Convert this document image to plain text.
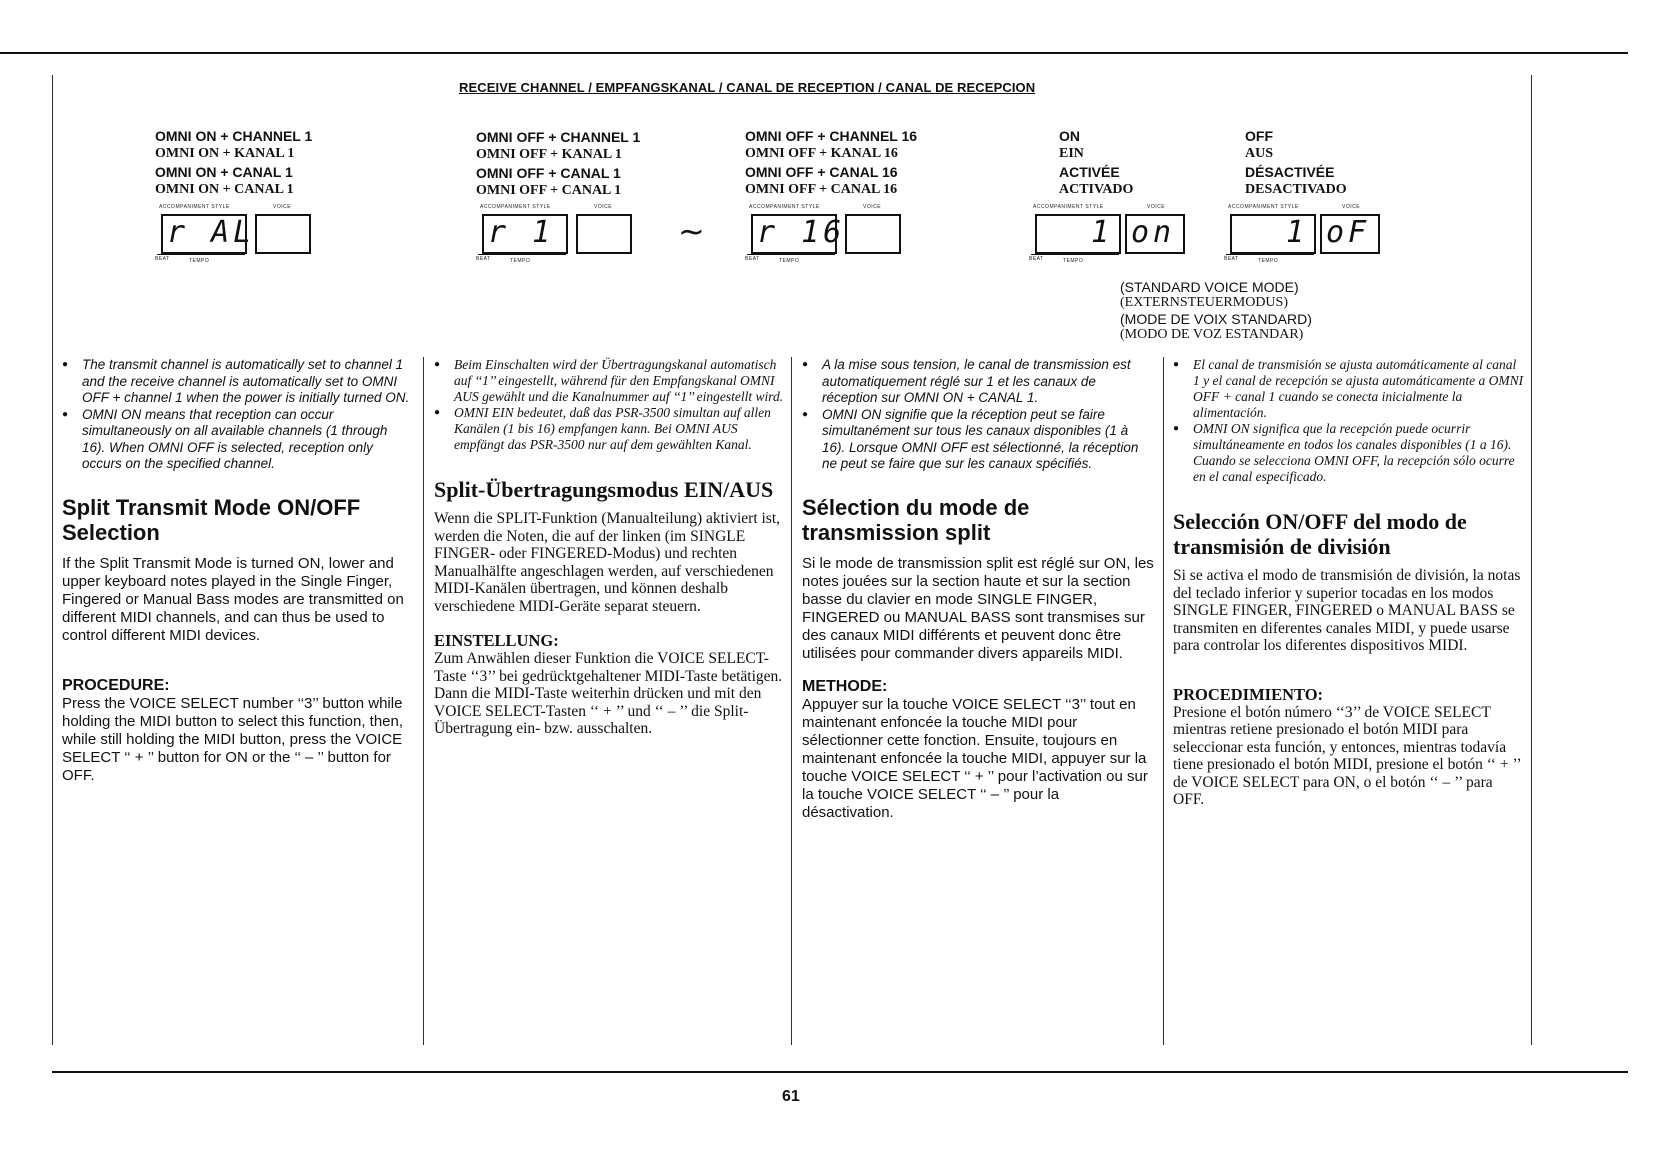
RECEIVE CHANNEL / EMPFANGSKANAL / CANAL DE RECEPTION / CANAL DE RECEPCION
OMNI ON + CHANNEL 1
OMNI ON + KANAL 1
OMNI ON + CANAL 1
OMNI ON + CANAL 1
OMNI OFF + CHANNEL 1
OMNI OFF + KANAL 1
OMNI OFF + CANAL 1
OMNI OFF + CANAL 1
OMNI OFF + CHANNEL 16
OMNI OFF + KANAL 16
OMNI OFF + CANAL 16
OMNI OFF + CANAL 16
ON
EIN
ACTIVÉE
ACTIVADO
OFF
AUS
DÉSACTIVÉE
DESACTIVADO
ACCOMPANIMENT STYLE	VOICE
r AL
BEAT	TEMPO
ACCOMPANIMENT STYLE	VOICE
r 1
BEAT	TEMPO
~
ACCOMPANIMENT STYLE	VOICE
r 16
BEAT	TEMPO
ACCOMPANIMENT STYLE	VOICE
1 on
BEAT	TEMPO
ACCOMPANIMENT STYLE	VOICE
1 oF
BEAT	TEMPO
(STANDARD VOICE MODE)
(EXTERNSTEUERMODUS)
(MODE DE VOIX STANDARD)
(MODO DE VOZ ESTANDAR)
● The transmit channel is automatically set to channel 1 and the receive channel is automatically set to OMNI OFF + channel 1 when the power is initially turned ON.
● OMNI ON means that reception can occur simultaneously on all available channels (1 through 16). When OMNI OFF is selected, reception only occurs on the specified channel.
Split Transmit Mode ON/OFF Selection

If the Split Transmit Mode is turned ON, lower and upper keyboard notes played in the Single Finger, Fingered or Manual Bass modes are transmitted on different MIDI channels, and can thus be used to control different MIDI devices.

PROCEDURE:

Press the VOICE SELECT number ‘‘3’’ button while holding the MIDI button to select this function, then, while still holding the MIDI button, press the VOICE SELECT ‘‘ + ’’ button for ON or the ‘‘ – ’’ button for OFF.

● Beim Einschalten wird der Übertragungskanal automatisch auf ‘‘1’’ eingestellt, während für den Empfangskanal OMNI AUS gewählt und die Kanalnummer auf ‘‘1’’ eingestellt wird.
● OMNI EIN bedeutet, daß das PSR-3500 simultan auf allen Kanälen (1 bis 16) empfangen kann. Bei OMNI AUS empfängt das PSR-3500 nur auf dem gewählten Kanal.
Split-Übertragungsmodus EIN/AUS

Wenn die SPLIT-Funktion (Manualteilung) aktiviert ist, werden die Noten, die auf der linken (im SINGLE FINGER- oder FINGERED-Modus) und rechten Manualhälfte angeschlagen werden, auf verschiedenen MIDI-Kanälen übertragen, und können deshalb verschiedene MIDI-Geräte separat steuern.

EINSTELLUNG:

Zum Anwählen dieser Funktion die VOICE SELECT-Taste ‘‘3’’ bei gedrücktgehaltener MIDI-Taste betätigen. Dann die MIDI-Taste weiterhin drücken und mit den VOICE SELECT-Tasten ‘‘ + ’’ und ‘‘ – ’’ die Split-Übertragung ein- bzw. ausschalten.

● A la mise sous tension, le canal de transmission est automatiquement réglé sur 1 et les canaux de réception sur OMNI ON + CANAL 1.
● OMNI ON signifie que la réception peut se faire simultanément sur tous les canaux disponibles (1 à 16). Lorsque OMNI OFF est sélectionné, la réception ne peut se faire que sur les canaux spécifiés.
Sélection du mode de transmission split

Si le mode de transmission split est réglé sur ON, les notes jouées sur la section haute et sur la section basse du clavier en mode SINGLE FINGER, FINGERED ou MANUAL BASS sont transmises sur des canaux MIDI différents et peuvent donc être utilisées pour commander divers appareils MIDI.

METHODE:

Appuyer sur la touche VOICE SELECT ‘‘3’’ tout en maintenant enfoncée la touche MIDI pour sélectionner cette fonction. Ensuite, toujours en maintenant enfoncée la touche MIDI, appuyer sur la touche VOICE SELECT ‘‘ + ’’ pour l’activation ou sur la touche VOICE SELECT ‘‘ – ’’ pour la désactivation.

● El canal de transmisión se ajusta automáticamente al canal 1 y el canal de recepción se ajusta automáticamente a OMNI OFF + canal 1 cuando se conecta inicialmente la alimentación.
● OMNI ON significa que la recepción puede ocurrir simultáneamente en todos los canales disponibles (1 a 16). Cuando se selecciona OMNI OFF, la recepción sólo ocurre en el canal especificado.
Selección ON/OFF del modo de transmisión de división

Si se activa el modo de transmisión de división, la notas del teclado inferior y superior tocadas en los modos SINGLE FINGER, FINGERED o MANUAL BASS se transmiten en diferentes canales MIDI, y puede usarse para controlar los diferentes dispositivos MIDI.

PROCEDIMIENTO:

Presione el botón número ‘‘3’’ de VOICE SELECT mientras retiene presionado el botón MIDI para seleccionar esta función, y entonces, mientras todavía tiene presionado el botón MIDI, presione el botón ‘‘ + ’’ de VOICE SELECT para ON, o el botón ‘‘ – ’’ para OFF.

61
